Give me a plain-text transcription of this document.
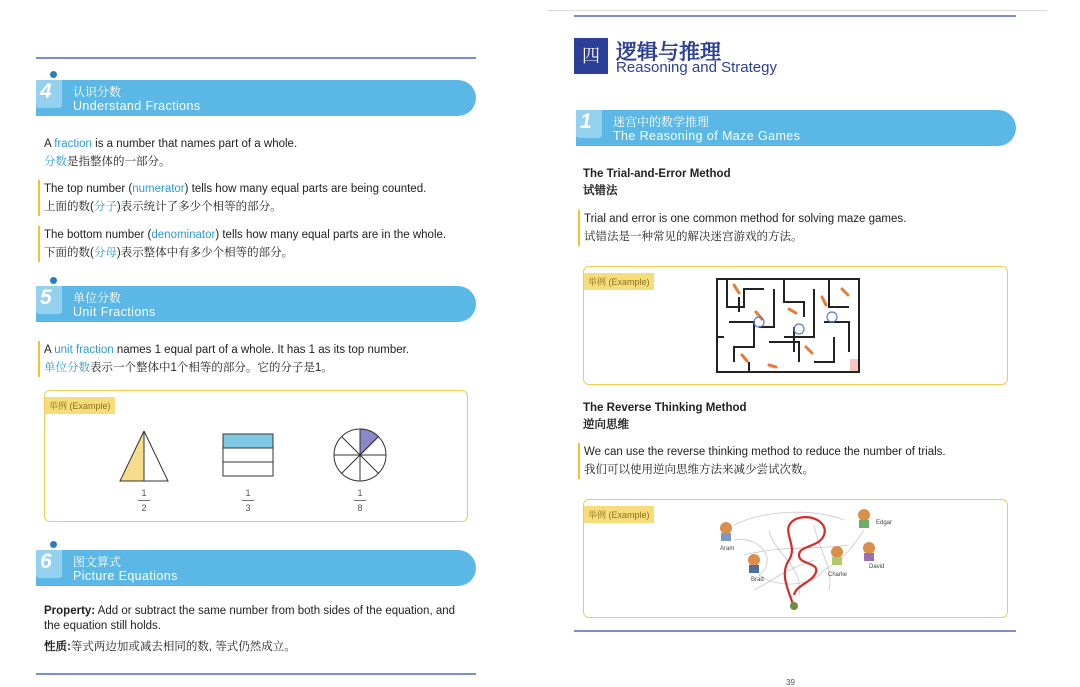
4 认识分数
Understand Fractions
A fraction is a number that names part of a whole.
分数是指整体的一部分。
The top number (numerator) tells how many equal parts are being counted.
上面的数(分子)表示统计了多少个相等的部分。
The bottom number (denominator) tells how many equal parts are in the whole.
下面的数(分母)表示整体中有多少个相等的部分。
5 单位分数
Unit Fractions
A unit fraction names 1 equal part of a whole. It has 1 as its top number.
单位分数表示一个整体中1个相等的部分。它的分子是1。
举例 (Example)
1
2
1
3
1
8
6 图文算式
Picture Equations
Property: Add or subtract the same number from both sides of the equation, and
the equation still holds.
性质:等式两边加或减去相同的数, 等式仍然成立。
四 逻辑与推理
Reasoning and Strategy
1 迷宫中的数学推理
The Reasoning of Maze Games
The Trial-and-Error Method
试错法
Trial and error is one common method for solving maze games.
试错法是一种常见的解决迷宫游戏的方法。
举例 (Example)
The Reverse Thinking Method
逆向思维
We can use the reverse thinking method to reduce the number of trials.
我们可以使用逆向思维方法来减少尝试次数。
举例 (Example)
Edgar
Aram
Charlie
David
Brad
39
